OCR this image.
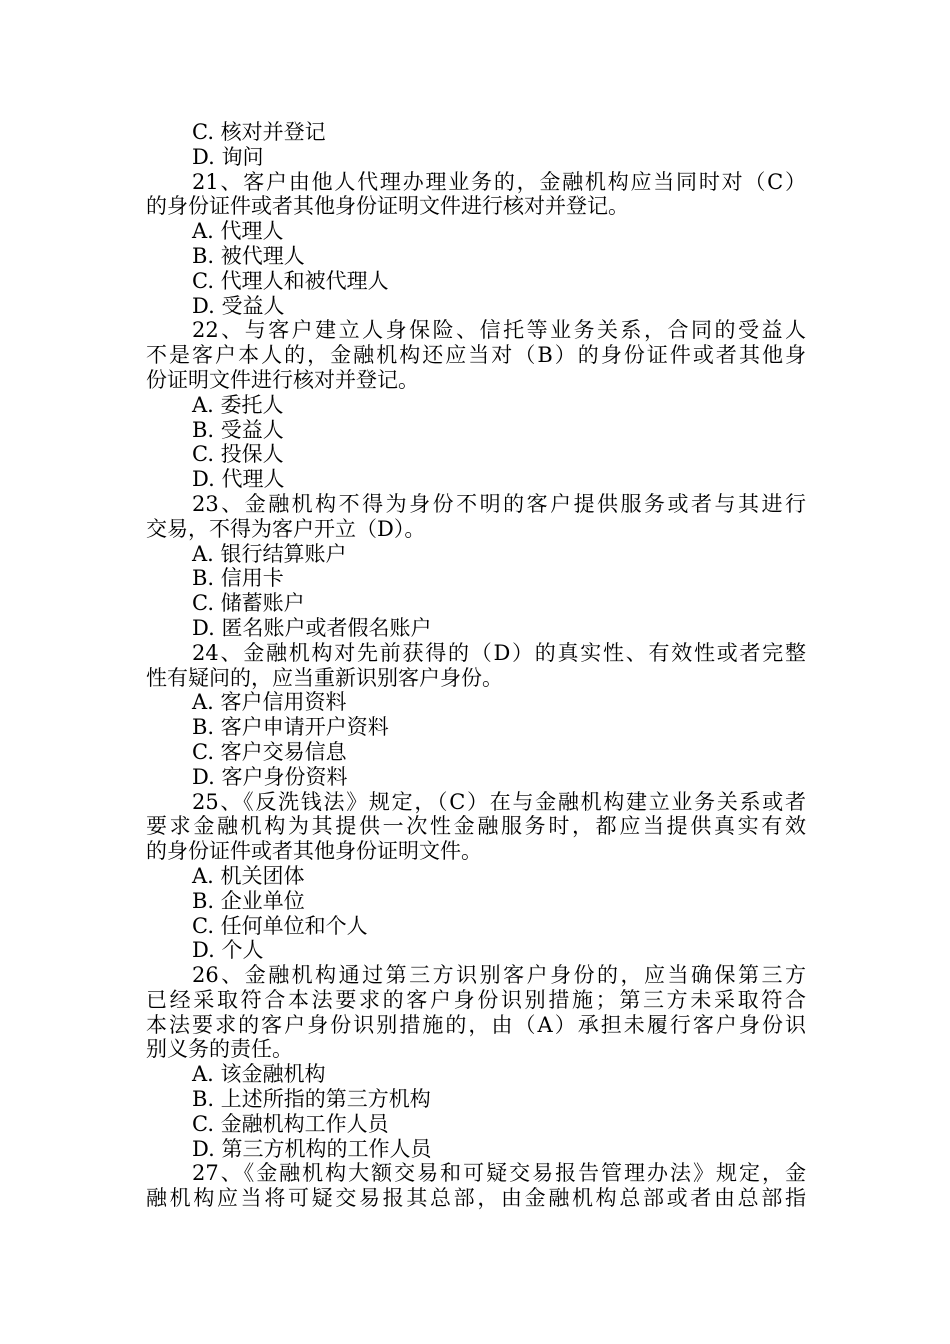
C. 核对并登记
D. 询问
21、客户由他人代理办理业务的，金融机构应当同时对（C）
的身份证件或者其他身份证明文件进行核对并登记。
A. 代理人
B. 被代理人
C. 代理人和被代理人
D. 受益人
22、与客户建立人身保险、信托等业务关系，合同的受益人
不是客户本人的，金融机构还应当对（B）的身份证件或者其他身
份证明文件进行核对并登记。
A. 委托人
B. 受益人
C. 投保人
D. 代理人
23、金融机构不得为身份不明的客户提供服务或者与其进行
交易，不得为客户开立（D）。
A. 银行结算账户
B. 信用卡
C. 储蓄账户
D. 匿名账户或者假名账户
24、金融机构对先前获得的（D）的真实性、有效性或者完整
性有疑问的，应当重新识别客户身份。
A. 客户信用资料
B. 客户申请开户资料
C. 客户交易信息
D. 客户身份资料
25、《反洗钱法》规定，（C）在与金融机构建立业务关系或者
要求金融机构为其提供一次性金融服务时，都应当提供真实有效
的身份证件或者其他身份证明文件。
A. 机关团体
B. 企业单位
C. 任何单位和个人
D. 个人
26、金融机构通过第三方识别客户身份的，应当确保第三方
已经采取符合本法要求的客户身份识别措施；第三方未采取符合
本法要求的客户身份识别措施的，由（A）承担未履行客户身份识
别义务的责任。
A. 该金融机构
B. 上述所指的第三方机构
C. 金融机构工作人员
D. 第三方机构的工作人员
27、《金融机构大额交易和可疑交易报告管理办法》规定，金
融机构应当将可疑交易报其总部，由金融机构总部或者由总部指
